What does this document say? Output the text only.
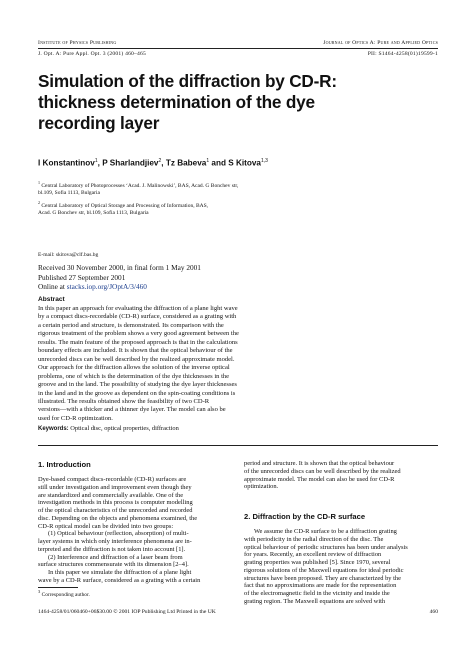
Institute of Physics Publishing	Journal of Optics A: Pure and Applied Optics
J. Opt. A: Pure Appl. Opt. 3 (2001) 460–465	PII: S1464-4258(01)19599-1
Simulation of the diffraction by CD-R:
thickness determination of the dye
recording layer
I Konstantinov$^1$, P Sharlandjiev$^2$, Tz Babeva$^1$ and S Kitova$^{1,3}$
$^1$ Central Laboratory of Photoprocesses ‘Acad. J. Malinowski’, BAS, Acad. G Bonchev str,
bl.109, Sofia 1113, Bulgaria
$^2$ Central Laboratory of Optical Storage and Processing of Information, BAS,
Acad. G Bonchev str, bl.109, Sofia 1113, Bulgaria
E-mail: skitova@clf.bas.bg
Received 30 November 2000, in final form 1 May 2001
Published 27 September 2001
Online at stacks.iop.org/JOptA/3/460
Abstract
In this paper an approach for evaluating the diffraction of a plane light wave
by a compact discs-recordable (CD-R) surface, considered as a grating with
a certain period and structure, is demonstrated. Its comparison with the
rigorous treatment of the problem shows a very good agreement between the
results. The main feature of the proposed approach is that in the calculations
boundary effects are included. It is shown that the optical behaviour of the
unrecorded discs can be well described by the realized approximate model.
Our approach for the diffraction allows the solution of the inverse optical
problems, one of which is the determination of the dye thicknesses in the
groove and in the land. The possibility of studying the dye layer thicknesses
in the land and in the groove as dependent on the spin-coating conditions is
illustrated. The results obtained show the feasibility of two CD-R
versions—with a thicker and a thinner dye layer. The model can also be
used for CD-R optimization.
Keywords: Optical disc, optical properties, diffraction
1. Introduction

Dye-based compact discs-recordable (CD-R) surfaces are
still under investigation and improvement even though they
are standardized and commercially available. One of the
investigation methods in this process is computer modelling
of the optical characteristics of the unrecorded and recorded
disc. Depending on the objects and phenomena examined, the
CD-R optical model can be divided into two groups:

(1) Optical behaviour (reflection, absorption) of multi-
layer systems in which only interference phenomena are in-
terpreted and the diffraction is not taken into account [1].

(2) Interference and diffraction of a laser beam from
surface structures commensurate with its dimension [2–4].

In this paper we simulate the diffraction of a plane light
wave by a CD-R surface, considered as a grating with a certain

$^3$ Corresponding author.
period and structure. It is shown that the optical behaviour
of the unrecorded discs can be well described by the realized
approximate model. The model can also be used for CD-R
optimization.
2. Diffraction by the CD-R surface

We assume the CD-R surface to be a diffraction grating
with periodicity in the radial direction of the disc. The
optical behaviour of periodic structures has been under analysis
for years. Recently, an excellent review of diffraction
grating properties was published [5]. Since 1970, several
rigorous solutions of the Maxwell equations for ideal periodic
structures have been proposed. They are characterized by the
fact that no approximations are made for the representation
of the electromagnetic field in the vicinity and inside the
grating region. The Maxwell equations are solved with

1464-4258/01/060460+06$30.00 © 2001 IOP Publishing Ltd Printed in the UK	460
